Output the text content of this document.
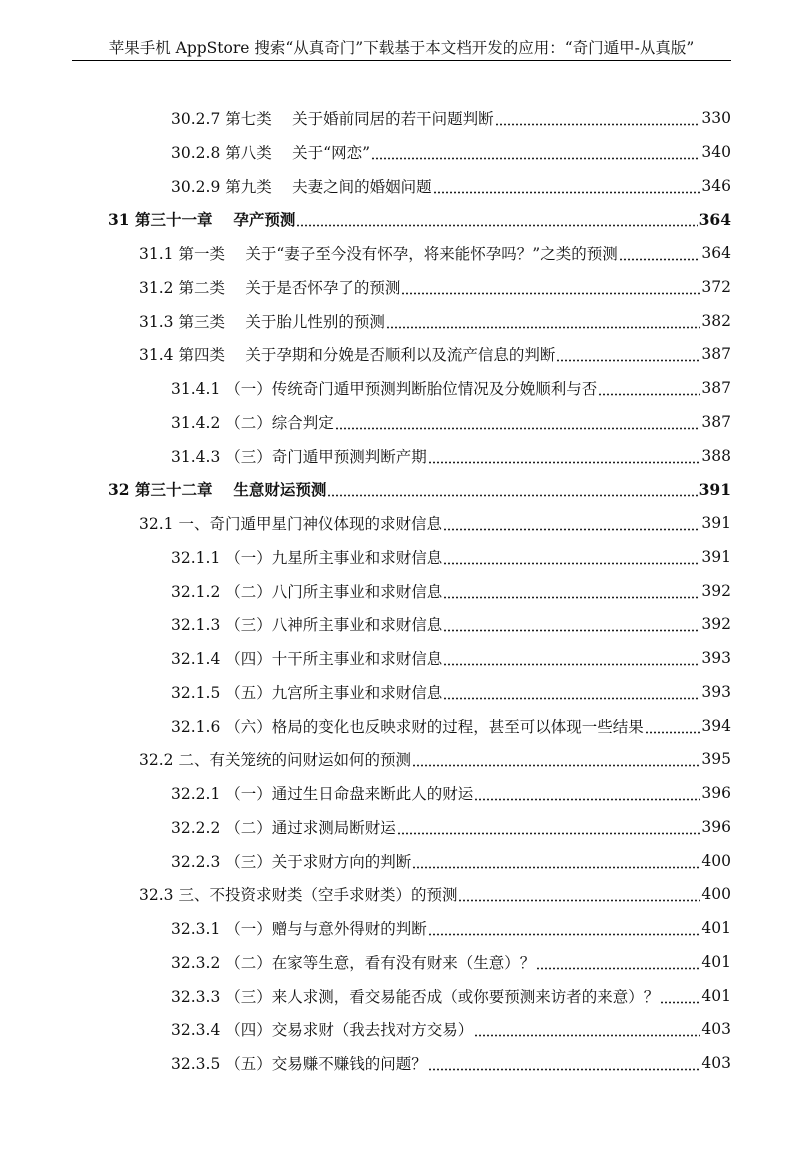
苹果手机 AppStore 搜索“从真奇门”下载基于本文档开发的应用：“奇门遁甲-从真版”
30.2.7 第七类　 关于婚前同居的若干问题判断	330
30.2.8 第八类　 关于“网恋”	340
30.2.9 第九类　 夫妻之间的婚姻问题	346
31 第三十一章　 孕产预测	364
31.1 第一类　 关于“妻子至今没有怀孕，将来能怀孕吗？”之类的预测	364
31.2 第二类　 关于是否怀孕了的预测	372
31.3 第三类　 关于胎儿性别的预测	382
31.4 第四类　 关于孕期和分娩是否顺利以及流产信息的判断	387
31.4.1 （一）传统奇门遁甲预测判断胎位情况及分娩顺利与否	387
31.4.2 （二）综合判定	387
31.4.3 （三）奇门遁甲预测判断产期	388
32 第三十二章　 生意财运预测	391
32.1 一、奇门遁甲星门神仪体现的求财信息	391
32.1.1 （一）九星所主事业和求财信息	391
32.1.2 （二）八门所主事业和求财信息	392
32.1.3 （三）八神所主事业和求财信息	392
32.1.4 （四）十干所主事业和求财信息	393
32.1.5 （五）九宫所主事业和求财信息	393
32.1.6 （六）格局的变化也反映求财的过程，甚至可以体现一些结果	394
32.2 二、有关笼统的问财运如何的预测	395
32.2.1 （一）通过生日命盘来断此人的财运	396
32.2.2 （二）通过求测局断财运	396
32.2.3 （三）关于求财方向的判断	400
32.3 三、不投资求财类（空手求财类）的预测	400
32.3.1 （一）赠与与意外得财的判断	401
32.3.2 （二）在家等生意，看有没有财来（生意）？	401
32.3.3 （三）来人求测，看交易能否成（或你要预测来访者的来意）？	401
32.3.4 （四）交易求财（我去找对方交易）	403
32.3.5 （五）交易赚不赚钱的问题？	403
